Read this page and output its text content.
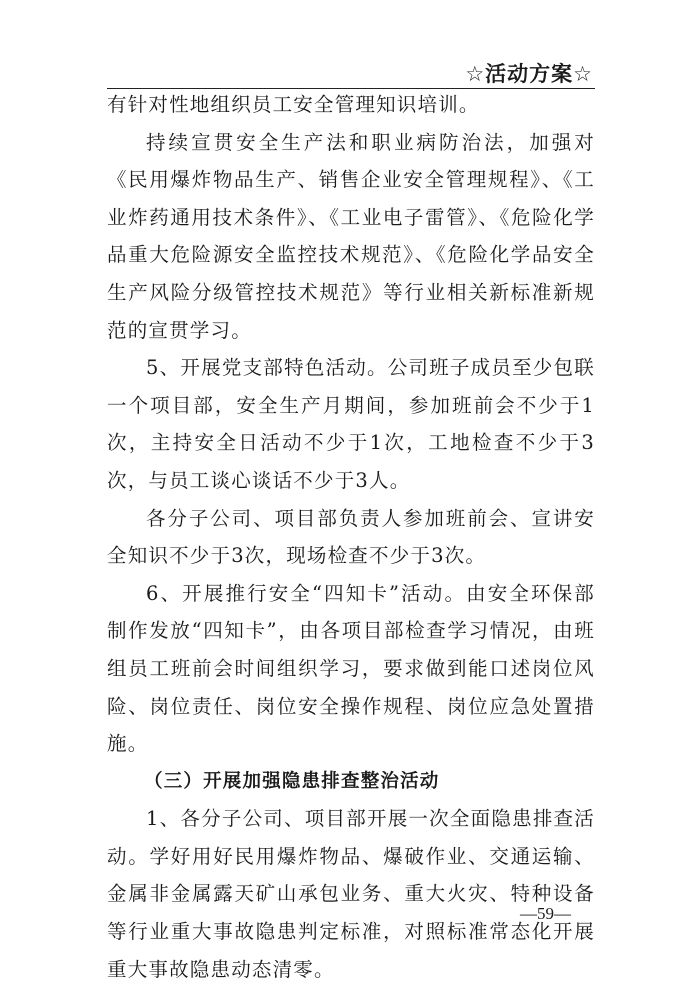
☆活动方案☆

有针对性地组织员工安全管理知识培训。

持续宣贯安全生产法和职业病防治法，加强对《民用爆炸物品生产、销售企业安全管理规程》、《工业炸药通用技术条件》、《工业电子雷管》、《危险化学品重大危险源安全监控技术规范》、《危险化学品安全生产风险分级管控技术规范》等行业相关新标准新规范的宣贯学习。

5、开展党支部特色活动。公司班子成员至少包联一个项目部，安全生产月期间，参加班前会不少于1次，主持安全日活动不少于1次，工地检查不少于3次，与员工谈心谈话不少于3人。

各分子公司、项目部负责人参加班前会、宣讲安全知识不少于3次，现场检查不少于3次。

6、开展推行安全“四知卡”活动。由安全环保部制作发放“四知卡”，由各项目部检查学习情况，由班组员工班前会时间组织学习，要求做到能口述岗位风险、岗位责任、岗位安全操作规程、岗位应急处置措施。

（三）开展加强隐患排查整治活动

1、各分子公司、项目部开展一次全面隐患排查活动。学好用好民用爆炸物品、爆破作业、交通运输、金属非金属露天矿山承包业务、重大火灾、特种设备等行业重大事故隐患判定标准，对照标准常态化开展重大事故隐患动态清零。

—59—
